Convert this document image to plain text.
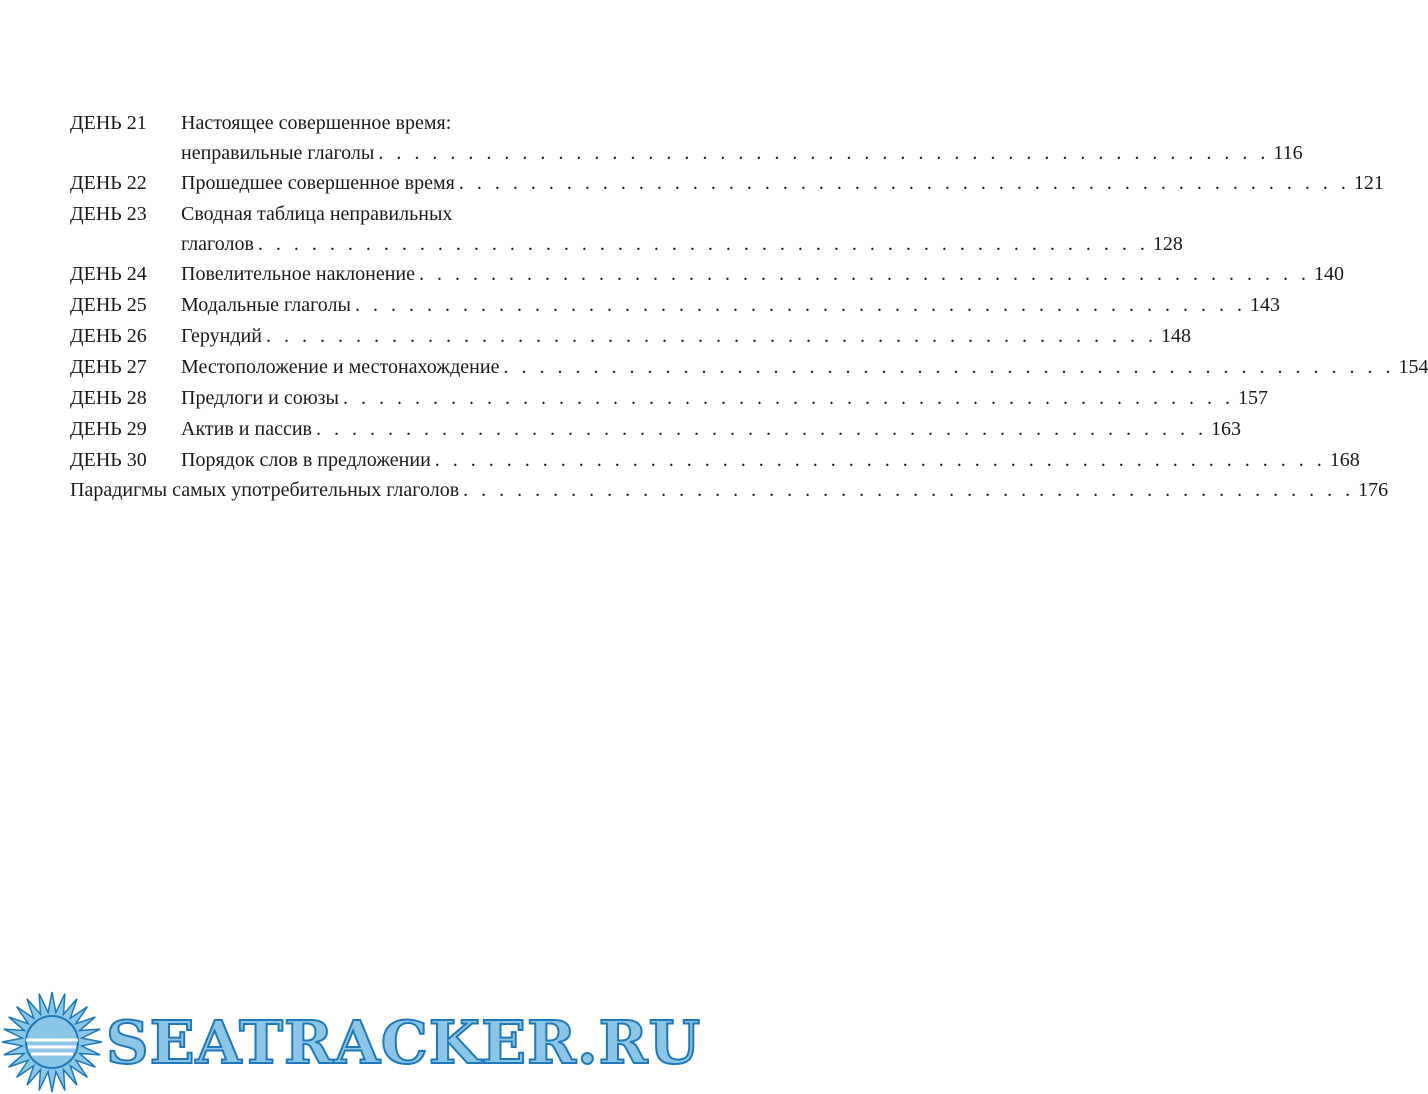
ДЕНЬ 21 Настоящее совершенное время:
неправильные глаголы . . . . . . . . . . . . . . . . . . . . . . . . . . . . . . . . . . . . . . . . . . . . . . . . . . 116
ДЕНЬ 22 Прошедшее совершенное время . . . . . . . . . . . . . . . . . . . . . . . . . . . . . . . . . . . . . . . . . . . . . . . . . . 121
ДЕНЬ 23 Сводная таблица неправильных
глаголов . . . . . . . . . . . . . . . . . . . . . . . . . . . . . . . . . . . . . . . . . . . . . . . . . . 128
ДЕНЬ 24 Повелительное наклонение . . . . . . . . . . . . . . . . . . . . . . . . . . . . . . . . . . . . . . . . . . . . . . . . . . 140
ДЕНЬ 25 Модальные глаголы . . . . . . . . . . . . . . . . . . . . . . . . . . . . . . . . . . . . . . . . . . . . . . . . . . 143
ДЕНЬ 26 Герундий . . . . . . . . . . . . . . . . . . . . . . . . . . . . . . . . . . . . . . . . . . . . . . . . . . 148
ДЕНЬ 27 Местоположение и местонахождение . . . . . . . . . . . . . . . . . . . . . . . . . . . . . . . . . . . . . . . . . . . . . . . . . . 154
ДЕНЬ 28 Предлоги и союзы . . . . . . . . . . . . . . . . . . . . . . . . . . . . . . . . . . . . . . . . . . . . . . . . . . 157
ДЕНЬ 29 Актив и пассив . . . . . . . . . . . . . . . . . . . . . . . . . . . . . . . . . . . . . . . . . . . . . . . . . . 163
ДЕНЬ 30 Порядок слов в предложении . . . . . . . . . . . . . . . . . . . . . . . . . . . . . . . . . . . . . . . . . . . . . . . . . . 168
Парадигмы самых употребительных глаголов . . . . . . . . . . . . . . . . . . . . . . . . . . . . . . . . . . . . . . . . . . . . . . . . . . 176
SEATRACKER.RU
